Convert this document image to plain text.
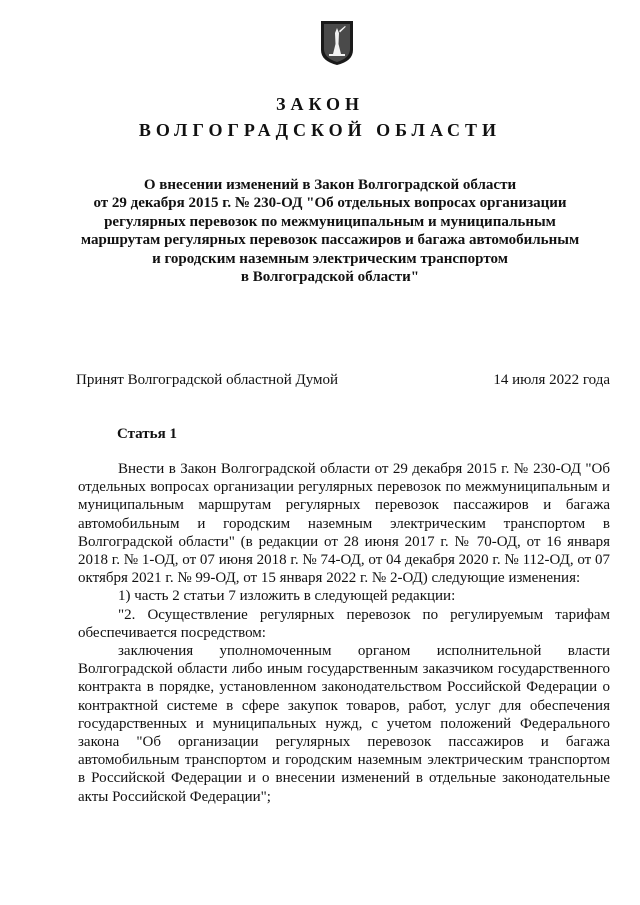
ЗАКОН
ВОЛГОГРАДСКОЙ ОБЛАСТИ
О внесении изменений в Закон Волгоградской области
от 29 декабря 2015 г. № 230-ОД "Об отдельных вопросах организации
регулярных перевозок по межмуниципальным и муниципальным
маршрутам регулярных перевозок пассажиров и багажа автомобильным
и городским наземным электрическим транспортом
в Волгоградской области"
Принят Волгоградской областной Думой	14 июля 2022 года
Статья 1

Внести в Закон Волгоградской области от 29 декабря 2015 г. № 230-ОД "Об отдельных вопросах организации регулярных перевозок по межмуниципальным и муниципальным маршрутам регулярных перевозок пассажиров и багажа автомобильным и городским наземным электрическим транспортом в Волгоградской области" (в редакции от 28 июня 2017 г. № 70-ОД, от 16 января 2018 г. № 1-ОД, от 07 июня 2018 г. № 74-ОД, от 04 декабря 2020 г. № 112-ОД, от 07 октября 2021 г. № 99-ОД, от 15 января 2022 г. № 2-ОД) следующие изменения:

1) часть 2 статьи 7 изложить в следующей редакции:

"2. Осуществление регулярных перевозок по регулируемым тарифам обеспечивается посредством:

заключения уполномоченным органом исполнительной власти Волгоградской области либо иным государственным заказчиком государственного контракта в порядке, установленном законодательством Российской Федерации о контрактной системе в сфере закупок товаров, работ, услуг для обеспечения государственных и муниципальных нужд, с учетом положений Федерального закона "Об организации регулярных перевозок пассажиров и багажа автомобильным транспортом и городским наземным электрическим транспортом в Российской Федерации и о внесении изменений в отдельные законодательные акты Российской Федерации";
